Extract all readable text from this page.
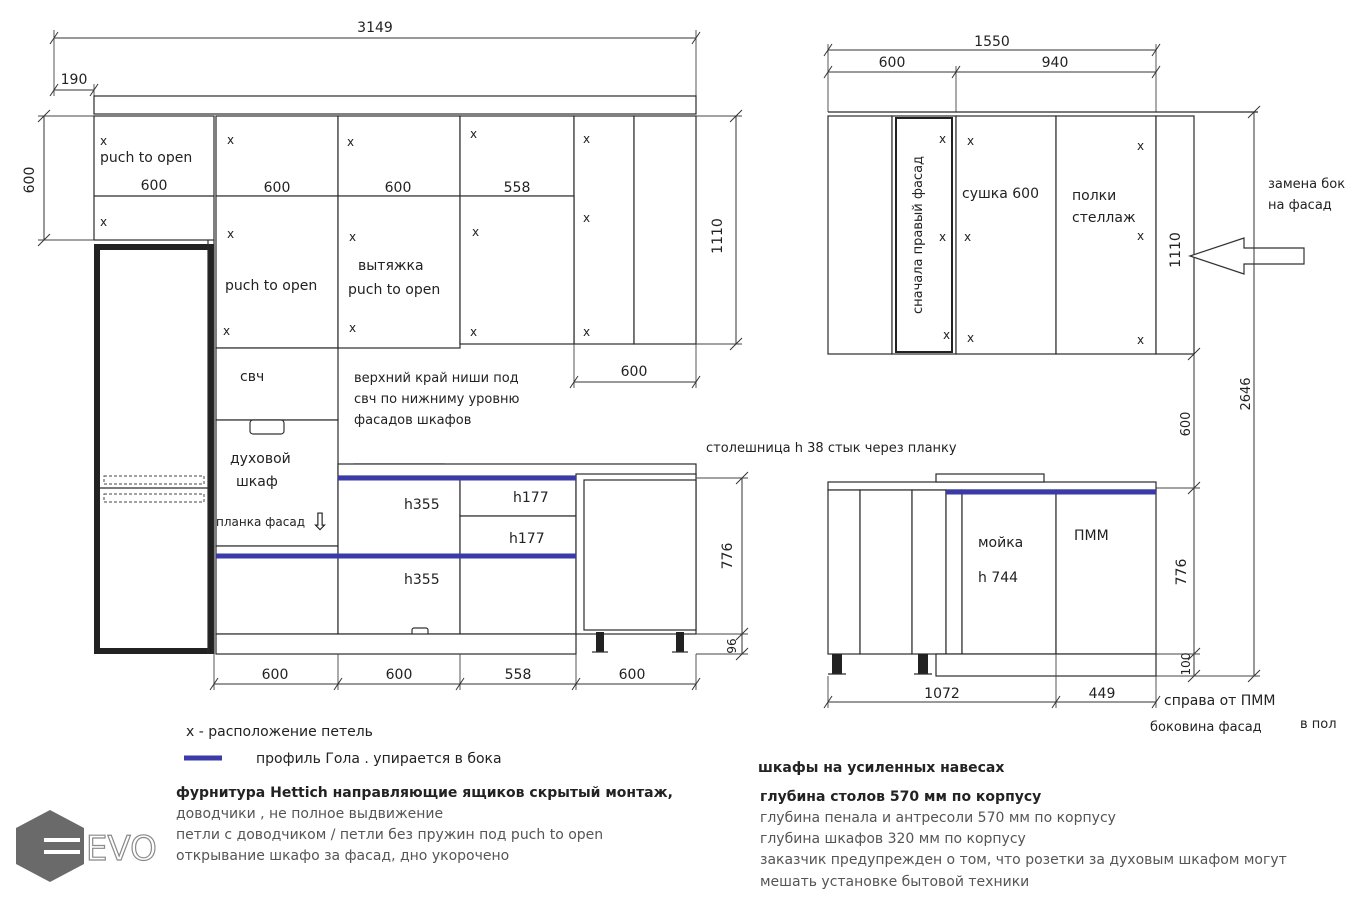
3149
190
600	600	600	600	558
1110
600
776
96
600	600	558	600
puch to open
puch to open
вытяжка
puch to open
свч
духовой
шкаф
планка фасад ⇩
верхний край ниши под
свч по нижниму уровню
фасадов шкафов
h355	h177
h177
h355
столешница h 38 стык через планку
x
x
x	x
x	x
x	x	x
x
x	x	x	x
1550
600	940
сначала правый фасад	сушка 600 полки
стеллаж
x x	x
x x	x
x x	x
замена бок
на фасад
1110
600
2646
776
100
мойка
h 744
ПММ
1072	449	справа от ПММ
боковина фасад	в пол
x - расположение петель
профиль Гола . упирается в бока
фурнитура Hettich направляющие ящиков скрытый монтаж,
доводчики , не полное выдвижение
петли с доводчиком / петли без пружин под puch to open
открывание шкафо за фасад, дно укорочено
шкафы на усиленных навесах
глубина столов 570 мм по корпусу
глубина пенала и антресоли 570 мм по корпусу
глубина шкафов 320 мм по корпусу
заказчик предупрежден о том, что розетки за духовым шкафом могут
мешать установке бытовой техники
EVO
